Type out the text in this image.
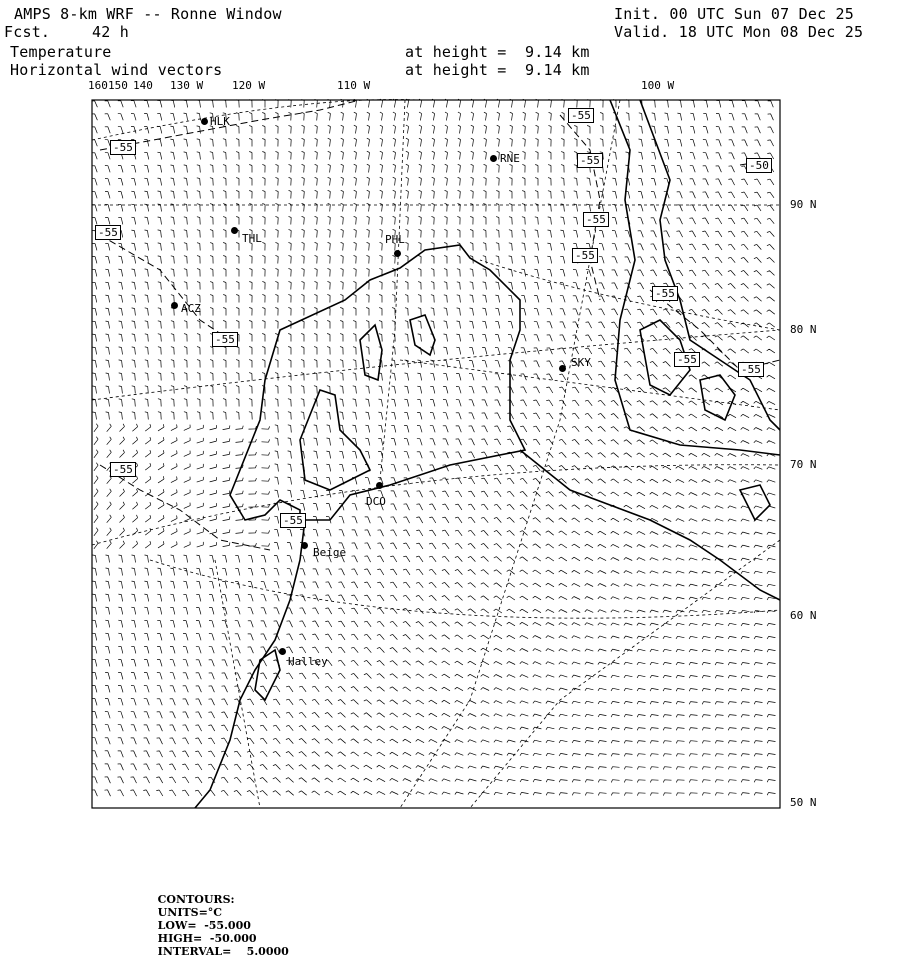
AMPS 8-km WRF -- Ronne Window
Fcst.	42 h
Init. 00 UTC Sun 07 Dec 25
Valid. 18 UTC Mon 08 Dec 25
Temperature
Horizontal wind vectors
at height =  9.14 km
at height =  9.14 km
160 150 140 130 W	120 W	110 W	100 W
90 N
80 N
70 N
60 N
50 N
HLK
RNE
THL	PHL
ACZ
SKY
DCO
Beige
Halley
-55
-55
-55
-55
-55
-55
-55
-55
-50
-55
-55
-55
-55

CONTOURS:
UNITS=°C
LOW=  -55.000
HIGH=  -50.000
INTERVAL=    5.0000
